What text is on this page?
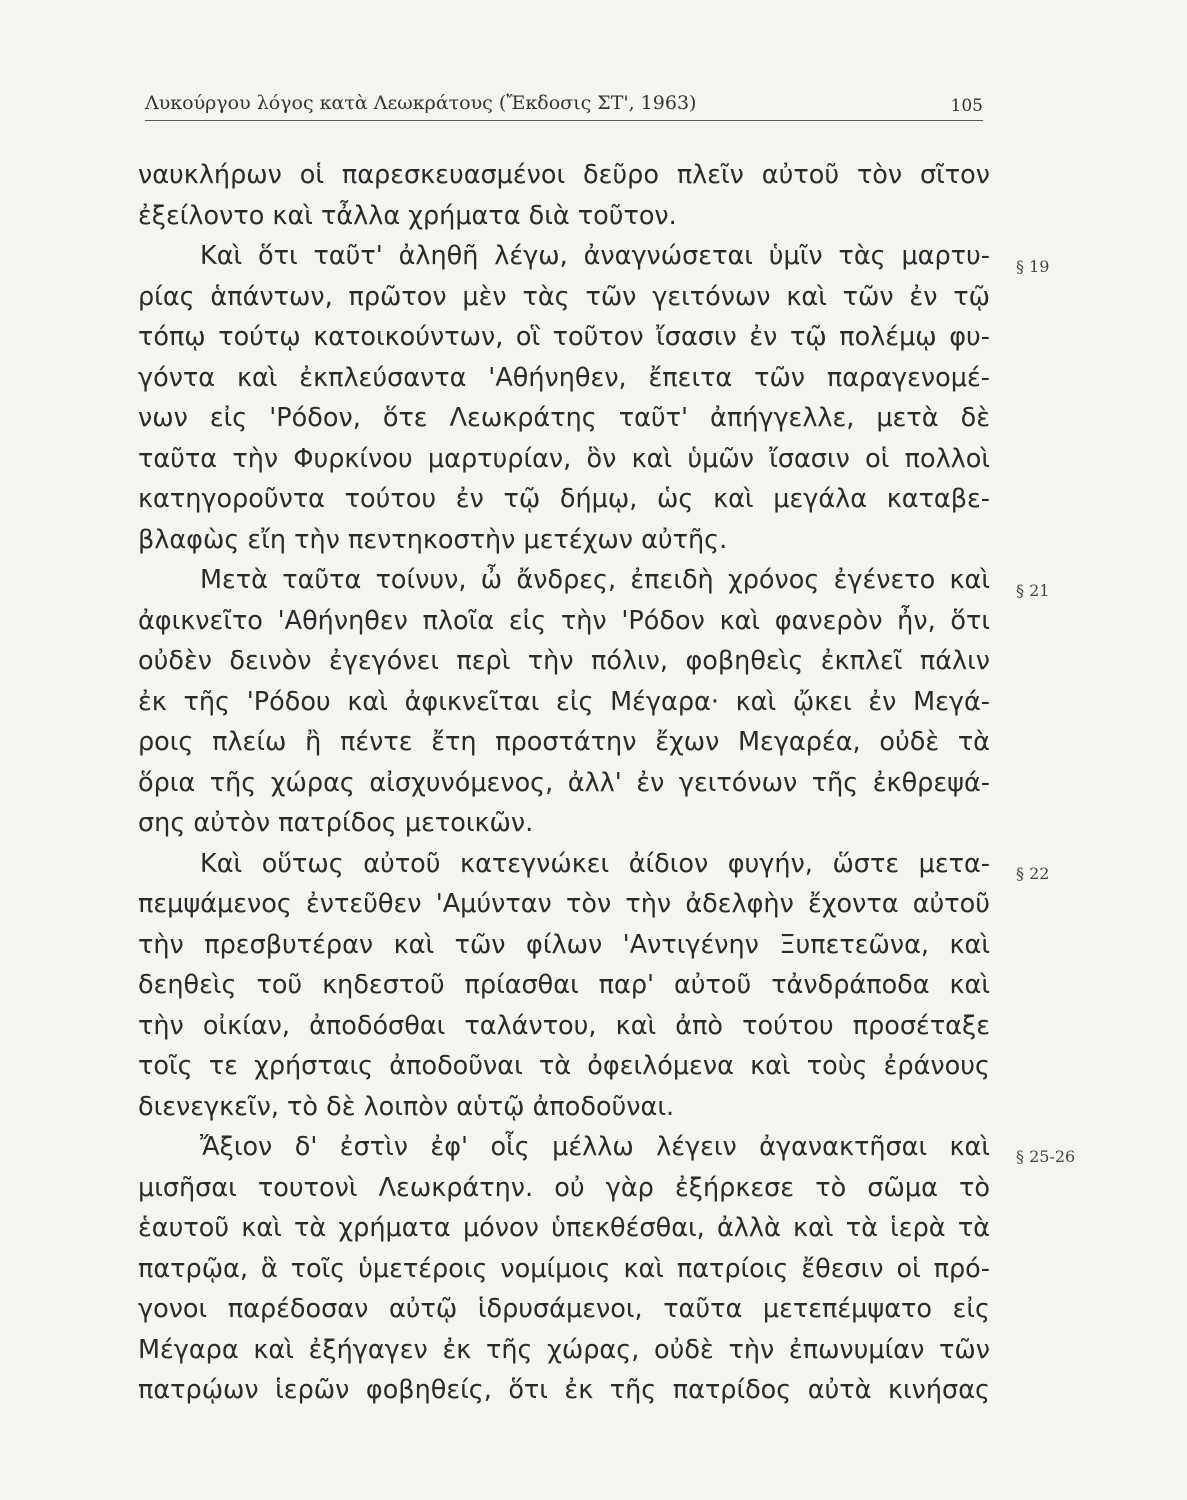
Λυκούργου λόγος κατὰ Λεωκράτους (Ἔκδοσις ΣΤ', 1963)	105
ναυκλήρων οἱ παρεσκευασμένοι δεῦρο πλεῖν αὐτοῦ τὸν σῖτον
ἐξείλοντο καὶ τἆλλα χρήματα διὰ τοῦτον.
Καὶ ὅτι ταῦτ' ἀληθῆ λέγω, ἀναγνώσεται ὑμῖν τὰς μαρτυ-
ρίας ἁπάντων, πρῶτον μὲν τὰς τῶν γειτόνων καὶ τῶν ἐν τῷ
τόπῳ τούτῳ κατοικούντων, οἳ τοῦτον ἴσασιν ἐν τῷ πολέμῳ φυ-
γόντα καὶ ἐκπλεύσαντα 'Αθήνηθεν, ἔπειτα τῶν παραγενομέ-
νων εἰς 'Ρόδον, ὅτε Λεωκράτης ταῦτ' ἀπήγγελλε, μετὰ δὲ
ταῦτα τὴν Φυρκίνου μαρτυρίαν, ὃν καὶ ὑμῶν ἴσασιν οἱ πολλοὶ
κατηγοροῦντα τούτου ἐν τῷ δήμῳ, ὡς καὶ μεγάλα καταβε-
βλαφὼς εἴη τὴν πεντηκοστὴν μετέχων αὐτῆς.
Μετὰ ταῦτα τοίνυν, ὦ ἄνδρες, ἐπειδὴ χρόνος ἐγένετο καὶ
ἀφικνεῖτο 'Αθήνηθεν πλοῖα εἰς τὴν 'Ρόδον καὶ φανερὸν ἦν, ὅτι
οὐδὲν δεινὸν ἐγεγόνει περὶ τὴν πόλιν, φοβηθεὶς ἐκπλεῖ πάλιν
ἐκ τῆς 'Ρόδου καὶ ἀφικνεῖται εἰς Μέγαρα· καὶ ᾤκει ἐν Μεγά-
ροις πλείω ἢ πέντε ἔτη προστάτην ἔχων Μεγαρέα, οὐδὲ τὰ
ὅρια τῆς χώρας αἰσχυνόμενος, ἀλλ' ἐν γειτόνων τῆς ἐκθρεψά-
σης αὐτὸν πατρίδος μετοικῶν.
Καὶ οὕτως αὐτοῦ κατεγνώκει ἀίδιον φυγήν, ὥστε μετα-
πεμψάμενος ἐντεῦθεν 'Αμύνταν τὸν τὴν ἀδελφὴν ἔχοντα αὐτοῦ
τὴν πρεσβυτέραν καὶ τῶν φίλων 'Αντιγένην Ξυπετεῶνα, καὶ
δεηθεὶς τοῦ κηδεστοῦ πρίασθαι παρ' αὐτοῦ τἀνδράποδα καὶ
τὴν οἰκίαν, ἀποδόσθαι ταλάντου, καὶ ἀπὸ τούτου προσέταξε
τοῖς τε χρήσταις ἀποδοῦναι τὰ ὀφειλόμενα καὶ τοὺς ἐράνους
διενεγκεῖν, τὸ δὲ λοιπὸν αὑτῷ ἀποδοῦναι.
Ἄξιον δ' ἐστὶν ἐφ' οἷς μέλλω λέγειν ἀγανακτῆσαι καὶ
μισῆσαι τουτονὶ Λεωκράτην. οὐ γὰρ ἐξήρκεσε τὸ σῶμα τὸ
ἑαυτοῦ καὶ τὰ χρήματα μόνον ὑπεκθέσθαι, ἀλλὰ καὶ τὰ ἱερὰ τὰ
πατρῷα, ἃ τοῖς ὑμετέροις νομίμοις καὶ πατρίοις ἔθεσιν οἱ πρό-
γονοι παρέδοσαν αὐτῷ ἱδρυσάμενοι, ταῦτα μετεπέμψατο εἰς
Μέγαρα καὶ ἐξήγαγεν ἐκ τῆς χώρας, οὐδὲ τὴν ἐπωνυμίαν τῶν
πατρῴων ἱερῶν φοβηθείς, ὅτι ἐκ τῆς πατρίδος αὐτὰ κινήσας
§ 19
§ 21
§ 22
§ 25-26
